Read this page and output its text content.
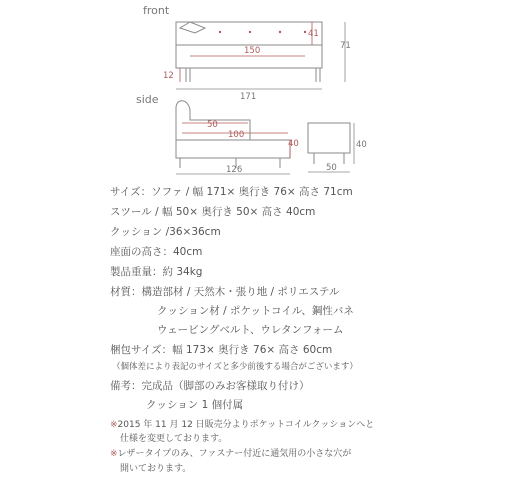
front
side
41
150
12
71
171
50
100
40
126
40
50
サイズ：ソファ / 幅 171× 奥行き 76× 高さ 71cm
スツール / 幅 50× 奥行き 50× 高さ 40cm
クッション /36×36cm
座面の高さ：40cm
製品重量：約 34kg
材質：構造部材 / 天然木・張り地 / ポリエステル
クッション材 / ポケットコイル、鋼性バネ
ウェービングベルト、ウレタンフォーム
梱包サイズ：幅 173× 奥行き 76× 高さ 60cm
（個体差により表記のサイズと多少前後する場合がございます）
備考：完成品（脚部のみお客様取り付け）
クッション 1 個付属
※2015 年 11 月 12 日販売分よりポケットコイルクッションへと
仕様を変更しております。
※レザータイプのみ、ファスナー付近に通気用の小さな穴が
開いております。
